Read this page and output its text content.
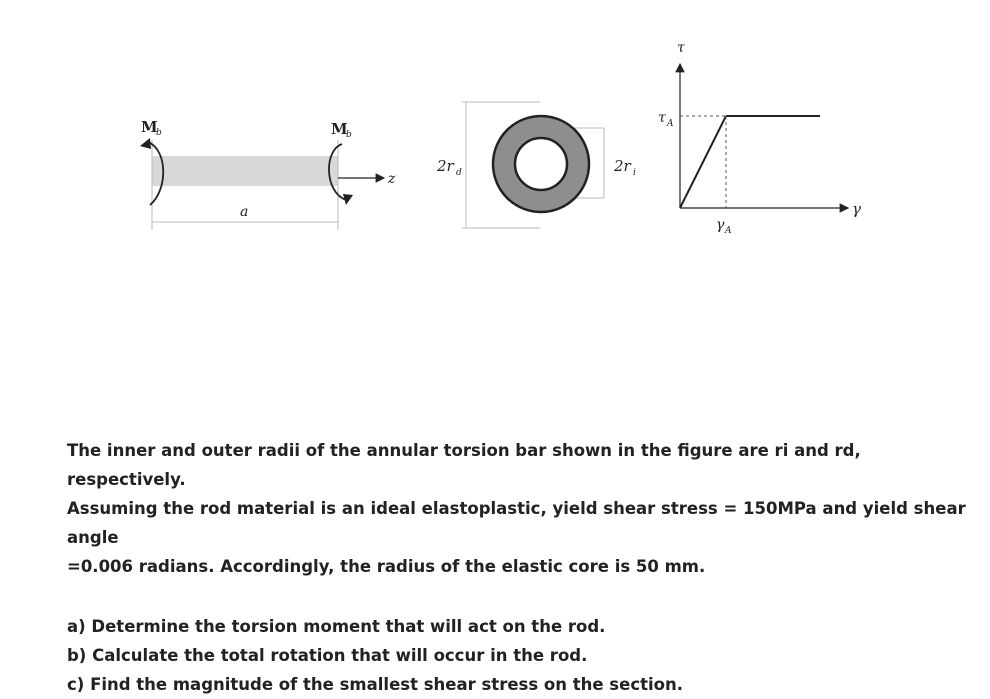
a
M
b	M
b
z
2r d	2r i
τ
γ
τ A
γ A

The inner and outer radii of the annular torsion bar shown in the figure are ri and rd, respectively.

Assuming the rod material is an ideal elastoplastic, yield shear stress = 150MPa and yield shear angle

=0.006 radians. Accordingly, the radius of the elastic core is 50 mm.

a) Determine the torsion moment that will act on the rod.

b) Calculate the total rotation that will occur in the rod.

c) Find the magnitude of the smallest shear stress on the section.
